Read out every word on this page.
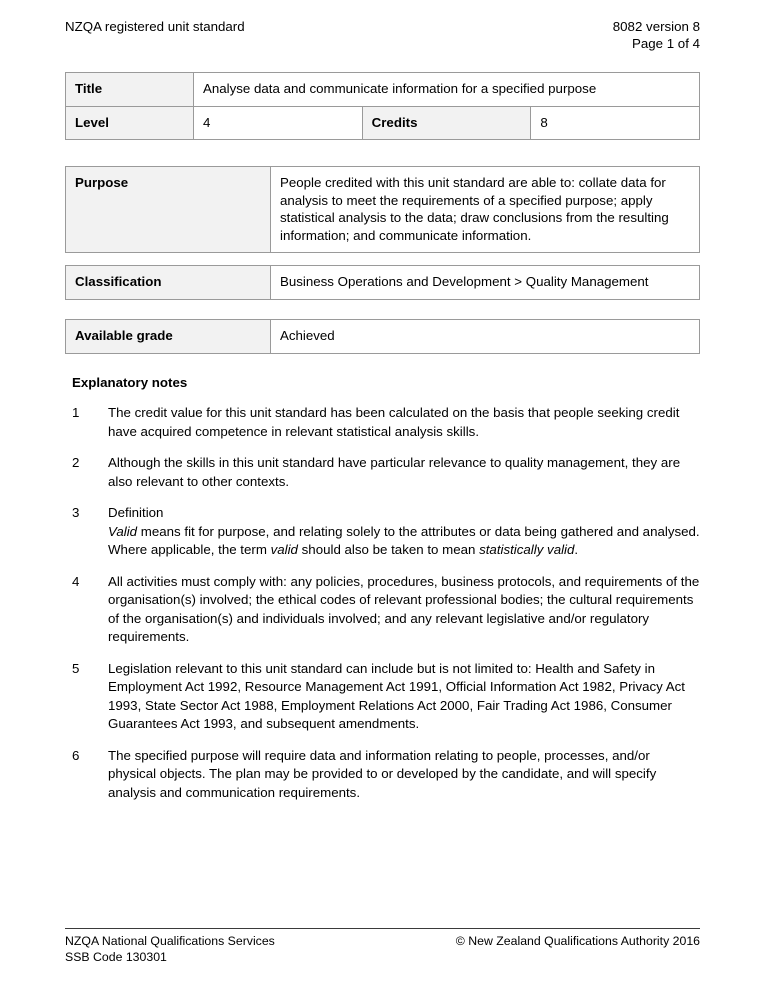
NZQA registered unit standard	8082 version 8
Page 1 of 4
Title	Analyse data and communicate information for a specified purpose		
Level	4	Credits	8
Purpose	People credited with this unit standard are able to: collate data for analysis to meet the requirements of a specified purpose; apply statistical analysis to the data; draw conclusions from the resulting information; and communicate information.
Classification	Business Operations and Development > Quality Management
Available grade	Achieved
Explanatory notes
1	The credit value for this unit standard has been calculated on the basis that people seeking credit have acquired competence in relevant statistical analysis skills.

2	Although the skills in this unit standard have particular relevance to quality management, they are also relevant to other contexts.

3	Definition

Valid means fit for purpose, and relating solely to the attributes or data being gathered and analysed. Where applicable, the term valid should also be taken to mean statistically valid.

4	All activities must comply with: any policies, procedures, business protocols, and requirements of the organisation(s) involved; the ethical codes of relevant professional bodies; the cultural requirements of the organisation(s) and individuals involved; and any relevant legislative and/or regulatory requirements.

5	Legislation relevant to this unit standard can include but is not limited to: Health and Safety in Employment Act 1992, Resource Management Act 1991, Official Information Act 1982, Privacy Act 1993, State Sector Act 1988, Employment Relations Act 2000, Fair Trading Act 1986, Consumer Guarantees Act 1993, and subsequent amendments.

6	The specified purpose will require data and information relating to people, processes, and/or physical objects. The plan may be provided to or developed by the candidate, and will specify analysis and communication requirements.

NZQA National Qualifications Services
SSB Code 130301
© New Zealand Qualifications Authority 2016
